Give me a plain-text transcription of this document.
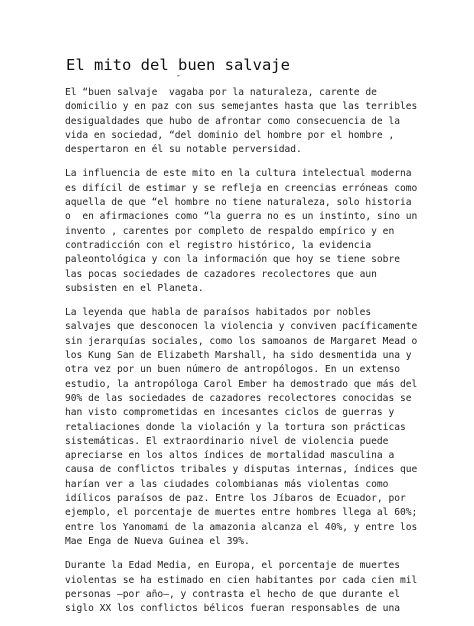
El mito del buen salvaje
″

El “buen salvaje  vagaba por la naturaleza, carente de
domicilio y en paz con sus semejantes hasta que las terribles
desigualdades que hubo de afrontar como consecuencia de la
vida en sociedad, “del dominio del hombre por el hombre ,
despertaron en él su notable perversidad.

La influencia de este mito en la cultura intelectual moderna
es difícil de estimar y se refleja en creencias erróneas como
aquella de que “el hombre no tiene naturaleza, solo historia
o  en afirmaciones como “la guerra no es un instinto, sino un
invento , carentes por completo de respaldo empírico y en
contradicción con el registro histórico, la evidencia
paleontológica y con la información que hoy se tiene sobre
las pocas sociedades de cazadores recolectores que aun
subsisten en el Planeta.

La leyenda que habla de paraísos habitados por nobles
salvajes que desconocen la violencia y conviven pacíficamente
sin jerarquías sociales, como los samoanos de Margaret Mead o
los Kung San de Elizabeth Marshall, ha sido desmentida una y
otra vez por un buen número de antropólogos. En un extenso
estudio, la antropóloga Carol Ember ha demostrado que más del
90% de las sociedades de cazadores recolectores conocidas se
han visto comprometidas en incesantes ciclos de guerras y
retaliaciones donde la violación y la tortura son prácticas
sistemáticas. El extraordinario nivel de violencia puede
apreciarse en los altos índices de mortalidad masculina a
causa de conflictos tribales y disputas internas, índices que
harían ver a las ciudades colombianas más violentas como
idílicos paraísos de paz. Entre los Jíbaros de Ecuador, por
ejemplo, el porcentaje de muertes entre hombres llega al 60%;
entre los Yanomami de la amazonia alcanza el 40%, y entre los
Mae Enga de Nueva Guinea el 39%.

Durante la Edad Media, en Europa, el porcentaje de muertes
violentas se ha estimado en cien habitantes por cada cien mil
personas —por año—, y contrasta el hecho de que durante el
siglo XX los conflictos bélicos fueran responsables de una
